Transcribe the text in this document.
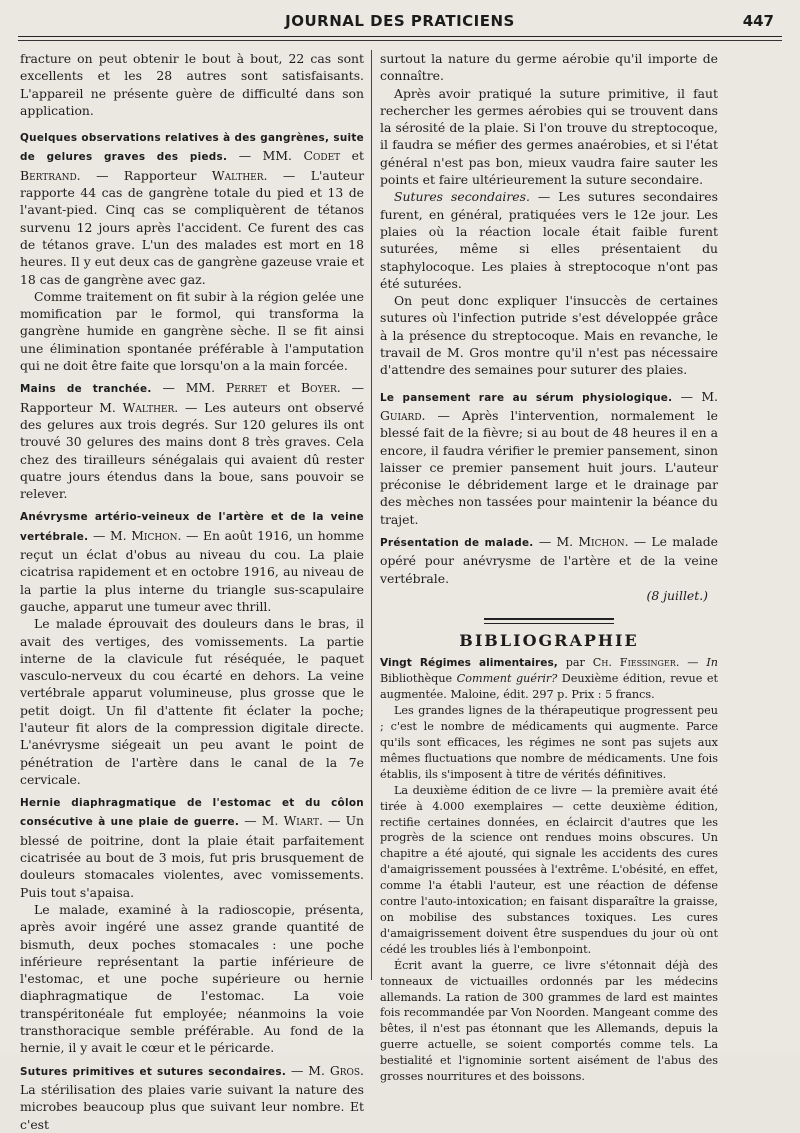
JOURNAL DES PRATICIENS	447

fracture on peut obtenir le bout à bout, 22 cas sont excellents et les 28 autres sont satisfaisants. L'appareil ne présente guère de difficulté dans son application.

Quelques observations relatives à des gangrènes, suite de gelures graves des pieds. — MM. Codet et Bertrand. — Rapporteur Walther. — L'auteur rapporte 44 cas de gangrène totale du pied et 13 de l'avant-pied. Cinq cas se compliquèrent de tétanos survenu 12 jours après l'accident. Ce furent des cas de tétanos grave. L'un des malades est mort en 18 heures. Il y eut deux cas de gangrène gazeuse vraie et 18 cas de gangrène avec gaz.

Comme traitement on fit subir à la région gelée une momification par le formol, qui transforma la gangrène humide en gangrène sèche. Il se fit ainsi une élimination spontanée préférable à l'amputation qui ne doit être faite que lorsqu'on a la main forcée.

Mains de tranchée. — MM. Perret et Boyer. — Rapporteur M. Walther. — Les auteurs ont observé des gelures aux trois degrés. Sur 120 gelures ils ont trouvé 30 gelures des mains dont 8 très graves. Cela chez des tirailleurs sénégalais qui avaient dû rester quatre jours étendus dans la boue, sans pouvoir se relever.

Anévrysme artério-veineux de l'artère et de la veine vertébrale. — M. Michon. — En août 1916, un homme reçut un éclat d'obus au niveau du cou. La plaie cicatrisa rapidement et en octobre 1916, au niveau de la partie la plus interne du triangle sus-scapulaire gauche, apparut une tumeur avec thrill.

Le malade éprouvait des douleurs dans le bras, il avait des vertiges, des vomissements. La partie interne de la clavicule fut réséquée, le paquet vasculo-nerveux du cou écarté en dehors. La veine vertébrale apparut volumineuse, plus grosse que le petit doigt. Un fil d'attente fit éclater la poche; l'auteur fit alors de la compression digitale directe. L'anévrysme siégeait un peu avant le point de pénétration de l'artère dans le canal de la 7e cervicale.

Hernie diaphragmatique de l'estomac et du côlon consécutive à une plaie de guerre. — M. Wiart. — Un blessé de poitrine, dont la plaie était parfaitement cicatrisée au bout de 3 mois, fut pris brusquement de douleurs stomacales violentes, avec vomissements. Puis tout s'apaisa.

Le malade, examiné à la radioscopie, présenta, après avoir ingéré une assez grande quantité de bismuth, deux poches stomacales : une poche inférieure représentant la partie inférieure de l'estomac, et une poche supérieure ou hernie diaphragmatique de l'estomac. La voie transpéritonéale fut employée; néanmoins la voie transthoracique semble préférable. Au fond de la hernie, il y avait le cœur et le péricarde.

Sutures primitives et sutures secondaires. — M. Gros. La stérilisation des plaies varie suivant la nature des microbes beaucoup plus que suivant leur nombre. Et c'est

surtout la nature du germe aérobie qu'il importe de connaître.

Après avoir pratiqué la suture primitive, il faut rechercher les germes aérobies qui se trouvent dans la sérosité de la plaie. Si l'on trouve du streptocoque, il faudra se méfier des germes anaérobies, et si l'état général n'est pas bon, mieux vaudra faire sauter les points et faire ultérieurement la suture secondaire.

Sutures secondaires. — Les sutures secondaires furent, en général, pratiquées vers le 12e jour. Les plaies où la réaction locale était faible furent suturées, même si elles présentaient du staphylocoque. Les plaies à streptocoque n'ont pas été suturées.

On peut donc expliquer l'insuccès de certaines sutures où l'infection putride s'est développée grâce à la présence du streptocoque. Mais en revanche, le travail de M. Gros montre qu'il n'est pas nécessaire d'attendre des semaines pour suturer des plaies.

Le pansement rare au sérum physiologique. — M. Guiard. — Après l'intervention, normalement le blessé fait de la fièvre; si au bout de 48 heures il en a encore, il faudra vérifier le premier pansement, sinon laisser ce premier pansement huit jours. L'auteur préconise le débridement large et le drainage par des mèches non tassées pour maintenir la béance du trajet.

Présentation de malade. — M. Michon. — Le malade opéré pour anévrysme de l'artère et de la veine vertébrale.

(8 juillet.)

BIBLIOGRAPHIE

Vingt Régimes alimentaires, par Ch. Fiessinger. — In Bibliothèque Comment guérir? Deuxième édition, revue et augmentée. Maloine, édit. 297 p. Prix : 5 francs.

Les grandes lignes de la thérapeutique progressent peu ; c'est le nombre de médicaments qui augmente. Parce qu'ils sont efficaces, les régimes ne sont pas sujets aux mêmes fluctuations que nombre de médicaments. Une fois établis, ils s'imposent à titre de vérités définitives.

La deuxième édition de ce livre — la première avait été tirée à 4.000 exemplaires — cette deuxième édition, rectifie certaines données, en éclaircit d'autres que les progrès de la science ont rendues moins obscures. Un chapitre a été ajouté, qui signale les accidents des cures d'amaigrissement poussées à l'extrême. L'obésité, en effet, comme l'a établi l'auteur, est une réaction de défense contre l'auto-intoxication; en faisant disparaître la graisse, on mobilise des substances toxiques. Les cures d'amaigrissement doivent être suspendues du jour où ont cédé les troubles liés à l'embonpoint.

Écrit avant la guerre, ce livre s'étonnait déjà des tonneaux de victuailles ordonnés par les médecins allemands. La ration de 300 grammes de lard est maintes fois recommandée par Von Noorden. Mangeant comme des bêtes, il n'est pas étonnant que les Allemands, depuis la guerre actuelle, se soient comportés comme tels. La bestialité et l'ignominie sortent aisément de l'abus des grosses nourritures et des boissons.
